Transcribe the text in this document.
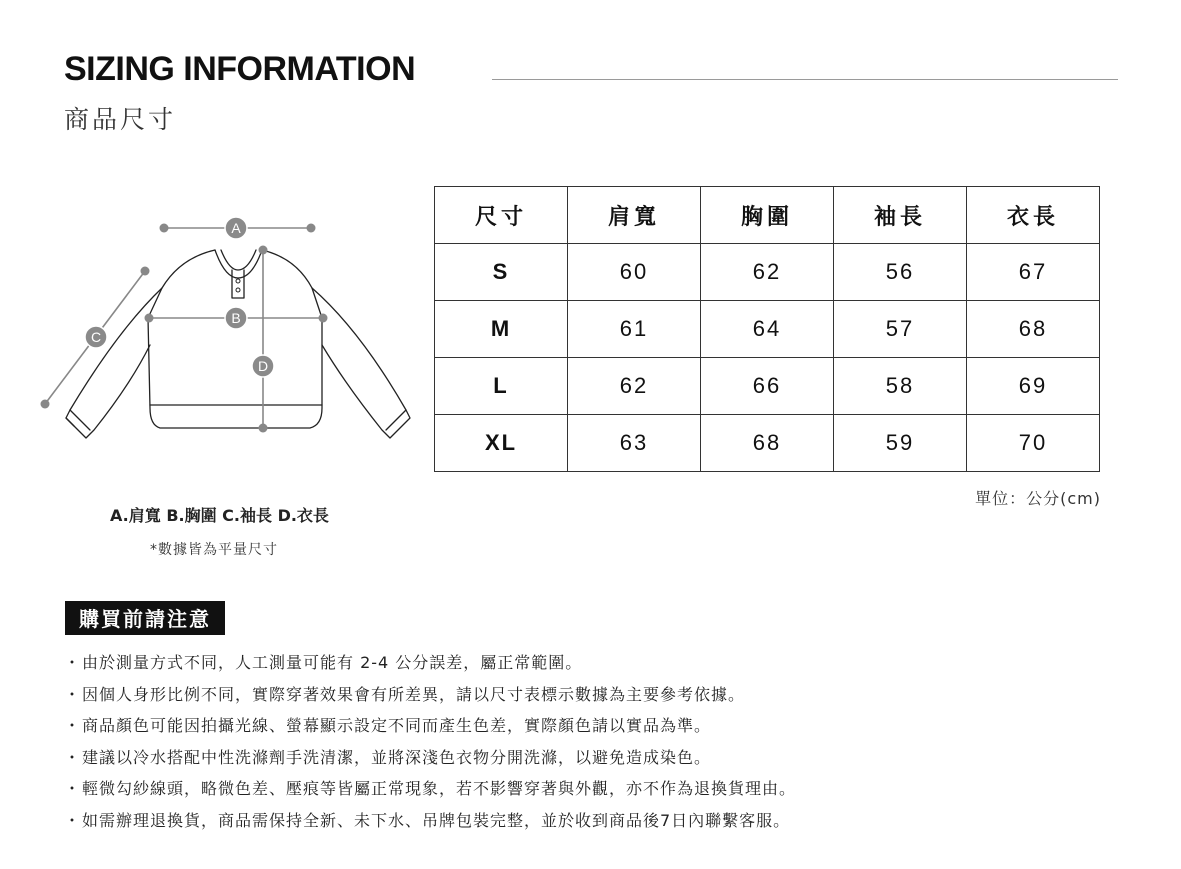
SIZING INFORMATION
商品尺寸
A
B
C
D
A.肩寬 B.胸圍 C.袖長 D.衣長
*數據皆為平量尺寸
尺寸	肩寬	胸圍	袖長	衣長
S	60	62	56	67
M	61	64	57	68
L	62	66	58	69
XL	63	68	59	70
單位：公分(cm)
購買前請注意
・由於測量方式不同，人工測量可能有 2-4 公分誤差，屬正常範圍。
・因個人身形比例不同，實際穿著效果會有所差異，請以尺寸表標示數據為主要參考依據。
・商品顏色可能因拍攝光線、螢幕顯示設定不同而產生色差，實際顏色請以實品為準。
・建議以冷水搭配中性洗滌劑手洗清潔，並將深淺色衣物分開洗滌，以避免造成染色。
・輕微勾紗線頭，略微色差、壓痕等皆屬正常現象，若不影響穿著與外觀，亦不作為退換貨理由。
・如需辦理退換貨，商品需保持全新、未下水、吊牌包裝完整，並於收到商品後7日內聯繫客服。
